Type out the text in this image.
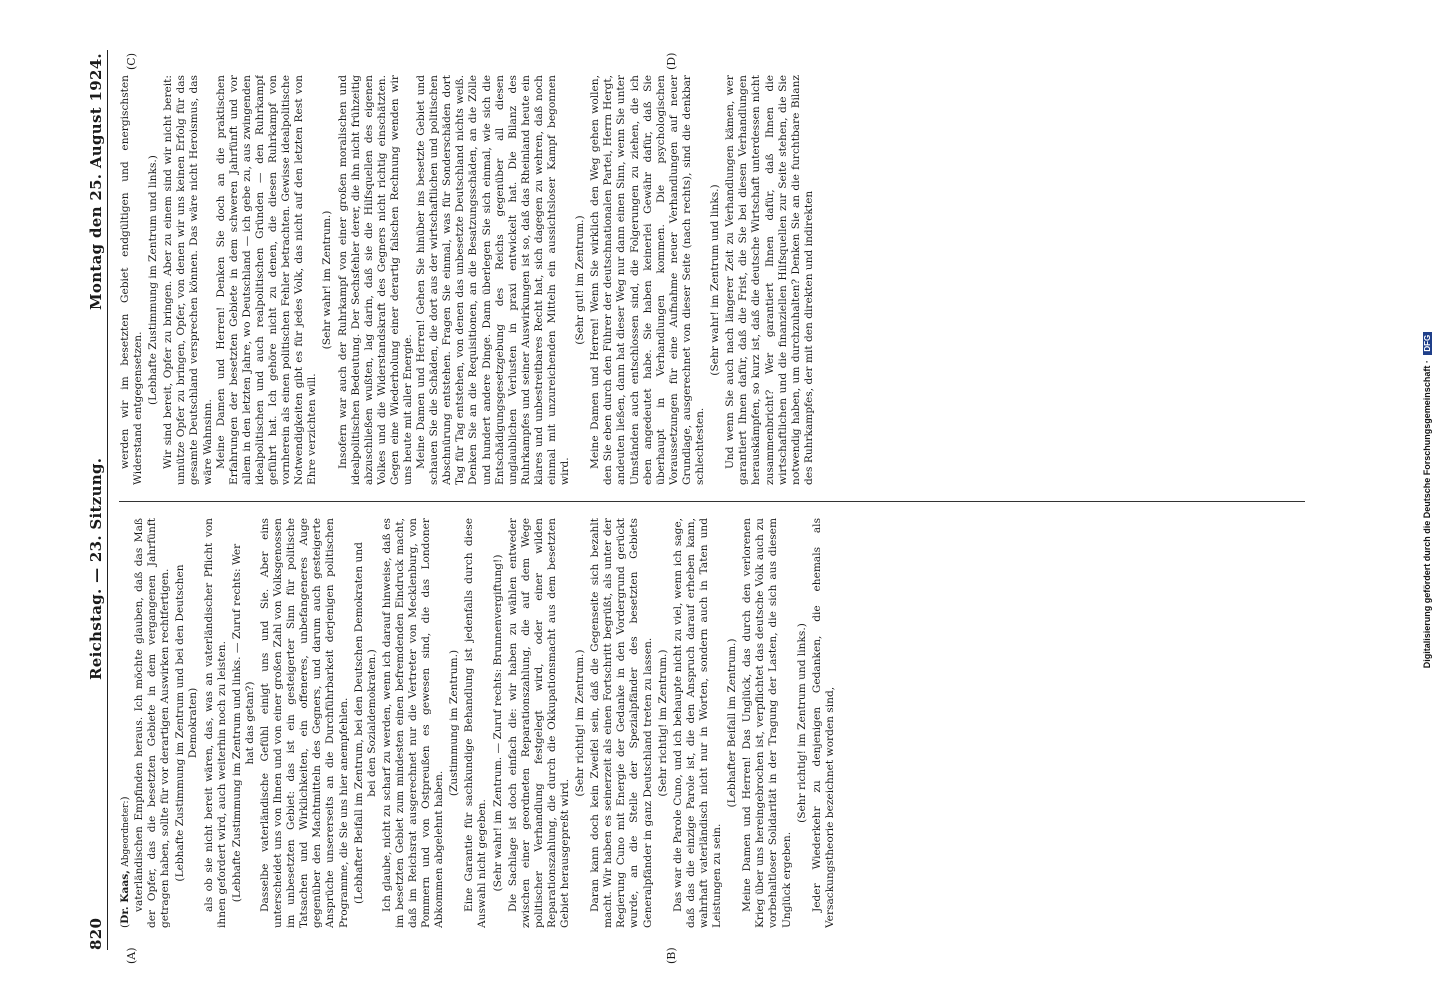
820
Reichstag. — 23. Sitzung.
Montag den 25. August 1924.
(A)	(B)
(C)	(D)

(Dr. Kaas, Abgeordneter:) vaterländischen Empfinden heraus. Ich möchte glauben, daß das Maß der Opfer, das die besetzten Gebiete in dem vergangenen Jahrfünft getragen haben, sollte für vor derartigen Auswirken rechtfertigen. (Lebhafte Zustimmung im Zentrum und bei den Deutschen Demokraten) als ob sie nicht bereit wären, das, was an vaterländischer Pflicht von ihnen gefordert wird, auch weiterhin noch zu leisten. (Lebhafte Zustimmung im Zentrum und links. — Zuruf rechts: Wer hat das getan?) Dasselbe vaterländische Gefühl einigt uns und Sie. Aber eins unterscheidet uns von Ihnen und von einer großen Zahl von Volksgenossen im unbesetzten Gebiet: das ist ein gesteigerter Sinn für politische Tatsachen und Wirklichkeiten, ein offeneres, unbefangeneres Auge gegenüber den Machtmitteln des Gegners, und darum auch gesteigerte Ansprüche unsererseits an die Durchführbarkeit derjenigen politischen Programme, die Sie uns hier anempfehlen. (Lebhafter Beifall im Zentrum, bei den Deutschen Demokraten und bei den Sozialdemokraten.) Ich glaube, nicht zu scharf zu werden, wenn ich darauf hinweise, daß es im besetzten Gebiet zum mindesten einen befremdenden Eindruck macht, daß im Reichsrat ausgerechnet nur die Vertreter von Mecklenburg, von Pommern und von Ostpreußen es gewesen sind, die das Londoner Abkommen abgelehnt haben.

(Zustimmung im Zentrum.) Eine Garantie für sachkundige Behandlung ist jedenfalls durch diese Auswahl nicht gegeben. (Sehr wahr! im Zentrum. — Zuruf rechts: Brunnenvergiftung!) Die Sachlage ist doch einfach die: wir haben zu wählen entweder zwischen einer geordneten Reparationszahlung, die auf dem Wege politischer Verhandlung festgelegt wird, oder einer wilden Reparationszahlung, die durch die Okkupationsmacht aus dem besetzten Gebiet herausgepreßt wird.

(Sehr richtig! im Zentrum.) Daran kann doch kein Zweifel sein, daß die Gegenseite sich bezahlt macht. Wir haben es seinerzeit als einen Fortschritt begrüßt, als unter der Regierung Cuno mit Energie der Gedanke in den Vordergrund gerückt wurde, an die Stelle der Spezialpfänder des besetzten Gebiets Generalpfänder in ganz Deutschland treten zu lassen. (Sehr richtig! im Zentrum.) Das war die Parole Cuno, und ich behaupte nicht zu viel, wenn ich sage, daß das die einzige Parole ist, die den Anspruch darauf erheben kann, wahrhaft vaterländisch nicht nur in Worten, sondern auch in Taten und Leistungen zu sein.

(Lebhafter Beifall im Zentrum.) Meine Damen und Herren! Das Unglück, das durch den verlorenen Krieg über uns hereingebrochen ist, verpflichtet das deutsche Volk auch zu vorbehaltloser Solidarität in der Tragung der Lasten, die sich aus diesem Unglück ergeben.

(Sehr richtig! im Zentrum und links.) Jeder Wiederkehr zu denjenigen Gedanken, die ehemals als Versackungstheorie bezeichnet worden sind,

werden wir im besetzten Gebiet endgültigen und energischsten Widerstand entgegensetzen.

(Lebhafte Zustimmung im Zentrum und links.) Wir sind bereit, Opfer zu bringen. Aber zu einem sind wir nicht bereit: unnütze Opfer zu bringen, Opfer, von denen wir uns keinen Erfolg für das gesamte Deutschland versprechen können. Das wäre nicht Heroismus, das wäre Wahnsinn. Meine Damen und Herren! Denken Sie doch an die praktischen Erfahrungen der besetzten Gebiete in dem schweren Jahrfünft und vor allem in den letzten Jahre, wo Deutschland — ich gebe zu, aus zwingenden idealpolitischen und auch realpolitischen Gründen — den Ruhrkampf geführt hat. Ich gehöre nicht zu denen, die diesen Ruhrkampf von vornherein als einen politischen Fehler betrachten. Gewisse idealpolitische Notwendigkeiten gibt es für jedes Volk, das nicht auf den letzten Rest von Ehre verzichten will.

(Sehr wahr! im Zentrum.) Insofern war auch der Ruhrkampf von einer großen moralischen und idealpolitischen Bedeutung. Der Sechsfehler derer, die ihn nicht frühzeitig abzuschließen wußten, lag darin, daß sie die Hilfsquellen des eigenen Volkes und die Widerstandskraft des Gegners nicht richtig einschätzten. Gegen eine Wiederholung einer derartig falschen Rechnung wenden wir uns heute mit aller Energie. Meine Damen und Herren! Gehen Sie hinüber ins besetzte Gebiet und schauen Sie die Schäden, die dort aus der wirtschaftlichen und politischen Abschnürung entstehen. Fragen Sie einmal, was für Sonderschäden dort Tag für Tag entstehen, von denen das unbesetzte Deutschland nichts weiß. Denken Sie an die Requisitionen, an die Besatzungsschäden, an die Zölle und hundert andere Dinge. Dann überlegen Sie sich einmal, wie sich die Entschädigungsgesetzgebung des Reichs gegenüber all diesen unglaublichen Verlusten in praxi entwickelt hat. Die Bilanz des Ruhrkampfes und seiner Auswirkungen ist so, daß das Rheinland heute ein klares und unbestreitbares Recht hat, sich dagegen zu wehren, daß noch einmal mit unzureichenden Mitteln ein aussichtsloser Kampf begonnen wird.

(Sehr gut! im Zentrum.) Meine Damen und Herren! Wenn Sie wirklich den Weg gehen wollen, den Sie eben durch den Führer der deutschnationalen Partei, Herrn Hergt, andeuten ließen, dann hat dieser Weg nur dann einen Sinn, wenn Sie unter Umständen auch entschlossen sind, die Folgerungen zu ziehen, die ich eben angedeutet habe. Sie haben keinerlei Gewähr dafür, daß Sie überhaupt in Verhandlungen kommen. Die psychologischen Voraussetzungen für eine Aufnahme neuer Verhandlungen auf neuer Grundlage, ausgerechnet von dieser Seite (nach rechts), sind die denkbar schlechtesten.

(Sehr wahr! im Zentrum und links.) Und wenn Sie auch nach längerer Zeit zu Verhandlungen kämen, wer garantiert Ihnen dafür, daß die Frist, die Sie bei diesen Verhandlungen herauskämpfen, so kurz ist, daß die deutsche Wirtschaft unterdessen nicht zusammenbricht? Wer garantiert Ihnen dafür, daß Ihnen die wirtschaftlichen und die finanziellen Hilfsquellen zur Seite stehen, die Sie notwendig haben, um durchzuhalten? Denken Sie an die furchtbare Bilanz des Ruhrkampfes, der mit den direkten und indirekten

Digitalisierung gefördert durch die Deutsche Forschungsgemeinschaft · DFG
